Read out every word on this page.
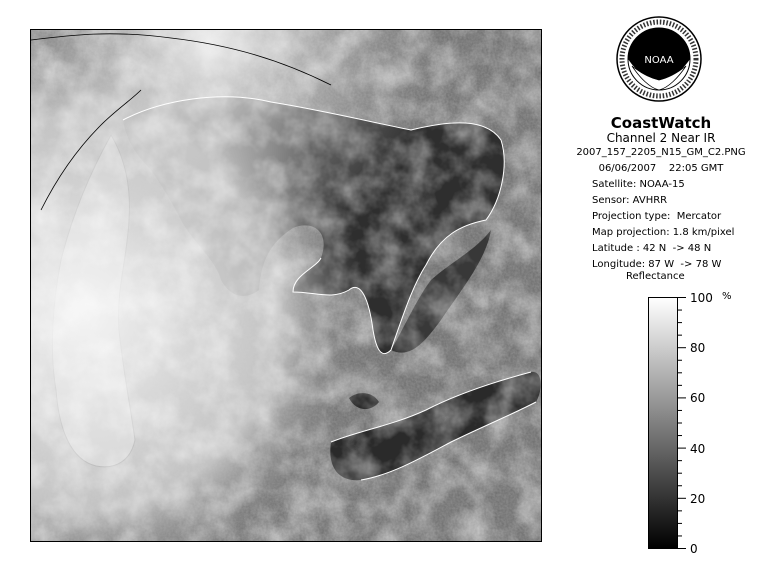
NOAA
CoastWatch
Channel 2 Near IR
2007_157_2205_N15_GM_C2.PNG
06/06/2007    22:05 GMT
Satellite: NOAA-15
Sensor: AVHRR
Projection type:  Mercator
Map projection: 1.8 km/pixel
Latitude : 42 N  -> 48 N
Longitude: 87 W  -> 78 W
Reflectance
%
100
80
60
40
20
0
